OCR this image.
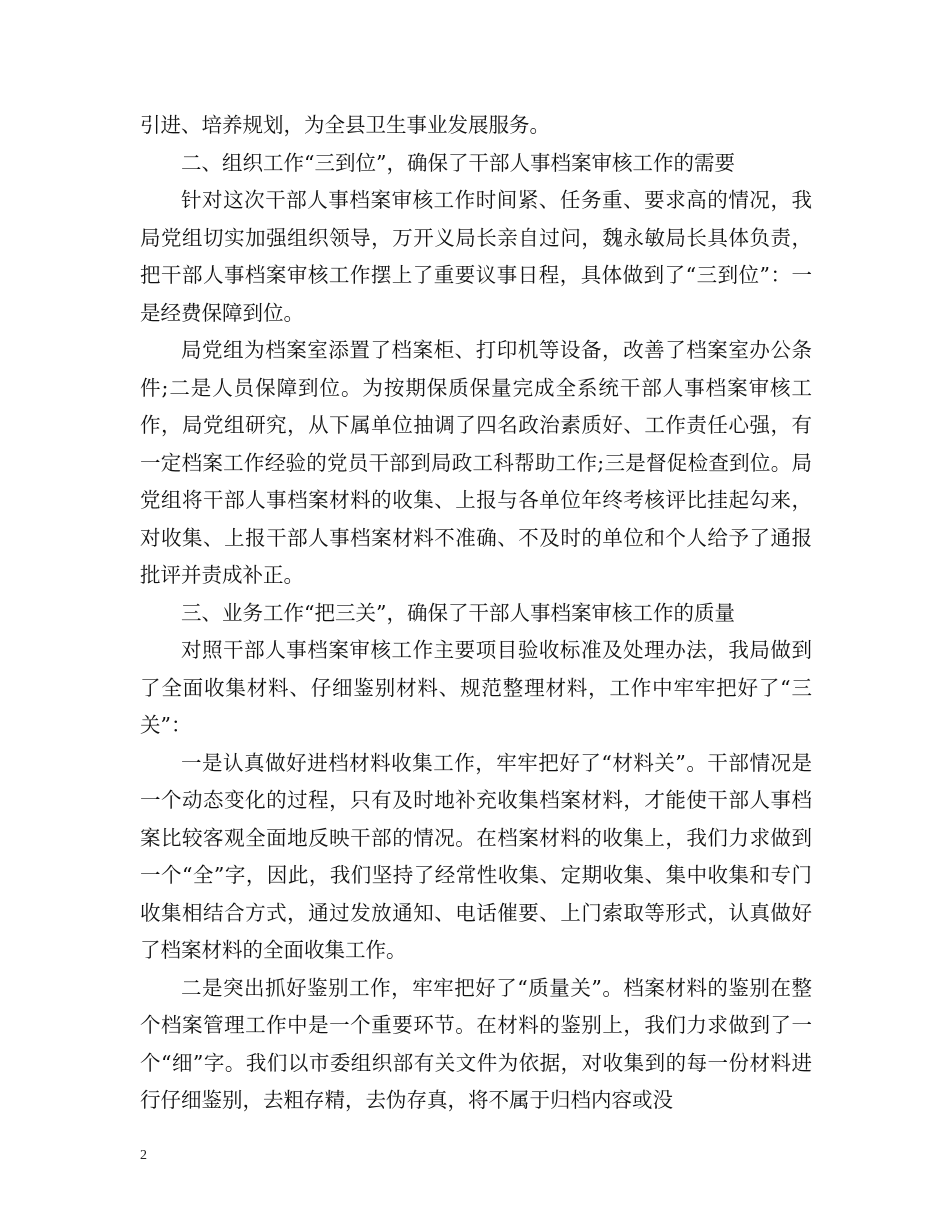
引进、培养规划，为全县卫生事业发展服务。

二、组织工作“三到位”，确保了干部人事档案审核工作的需要

针对这次干部人事档案审核工作时间紧、任务重、要求高的情况，我局党组切实加强组织领导，万开义局长亲自过问，魏永敏局长具体负责，把干部人事档案审核工作摆上了重要议事日程，具体做到了“三到位”：一是经费保障到位。

局党组为档案室添置了档案柜、打印机等设备，改善了档案室办公条件;二是人员保障到位。为按期保质保量完成全系统干部人事档案审核工作，局党组研究，从下属单位抽调了四名政治素质好、工作责任心强，有一定档案工作经验的党员干部到局政工科帮助工作;三是督促检查到位。局党组将干部人事档案材料的收集、上报与各单位年终考核评比挂起勾来，对收集、上报干部人事档案材料不准确、不及时的单位和个人给予了通报批评并责成补正。

三、业务工作“把三关”，确保了干部人事档案审核工作的质量

对照干部人事档案审核工作主要项目验收标准及处理办法，我局做到了全面收集材料、仔细鉴别材料、规范整理材料，工作中牢牢把好了“三关”：

一是认真做好进档材料收集工作，牢牢把好了“材料关”。干部情况是一个动态变化的过程，只有及时地补充收集档案材料，才能使干部人事档案比较客观全面地反映干部的情况。在档案材料的收集上，我们力求做到一个“全”字，因此，我们坚持了经常性收集、定期收集、集中收集和专门收集相结合方式，通过发放通知、电话催要、上门索取等形式，认真做好了档案材料的全面收集工作。

二是突出抓好鉴别工作，牢牢把好了“质量关”。档案材料的鉴别在整个档案管理工作中是一个重要环节。在材料的鉴别上，我们力求做到了一个“细”字。我们以市委组织部有关文件为依据，对收集到的每一份材料进行仔细鉴别，去粗存精，去伪存真，将不属于归档内容或没

2
